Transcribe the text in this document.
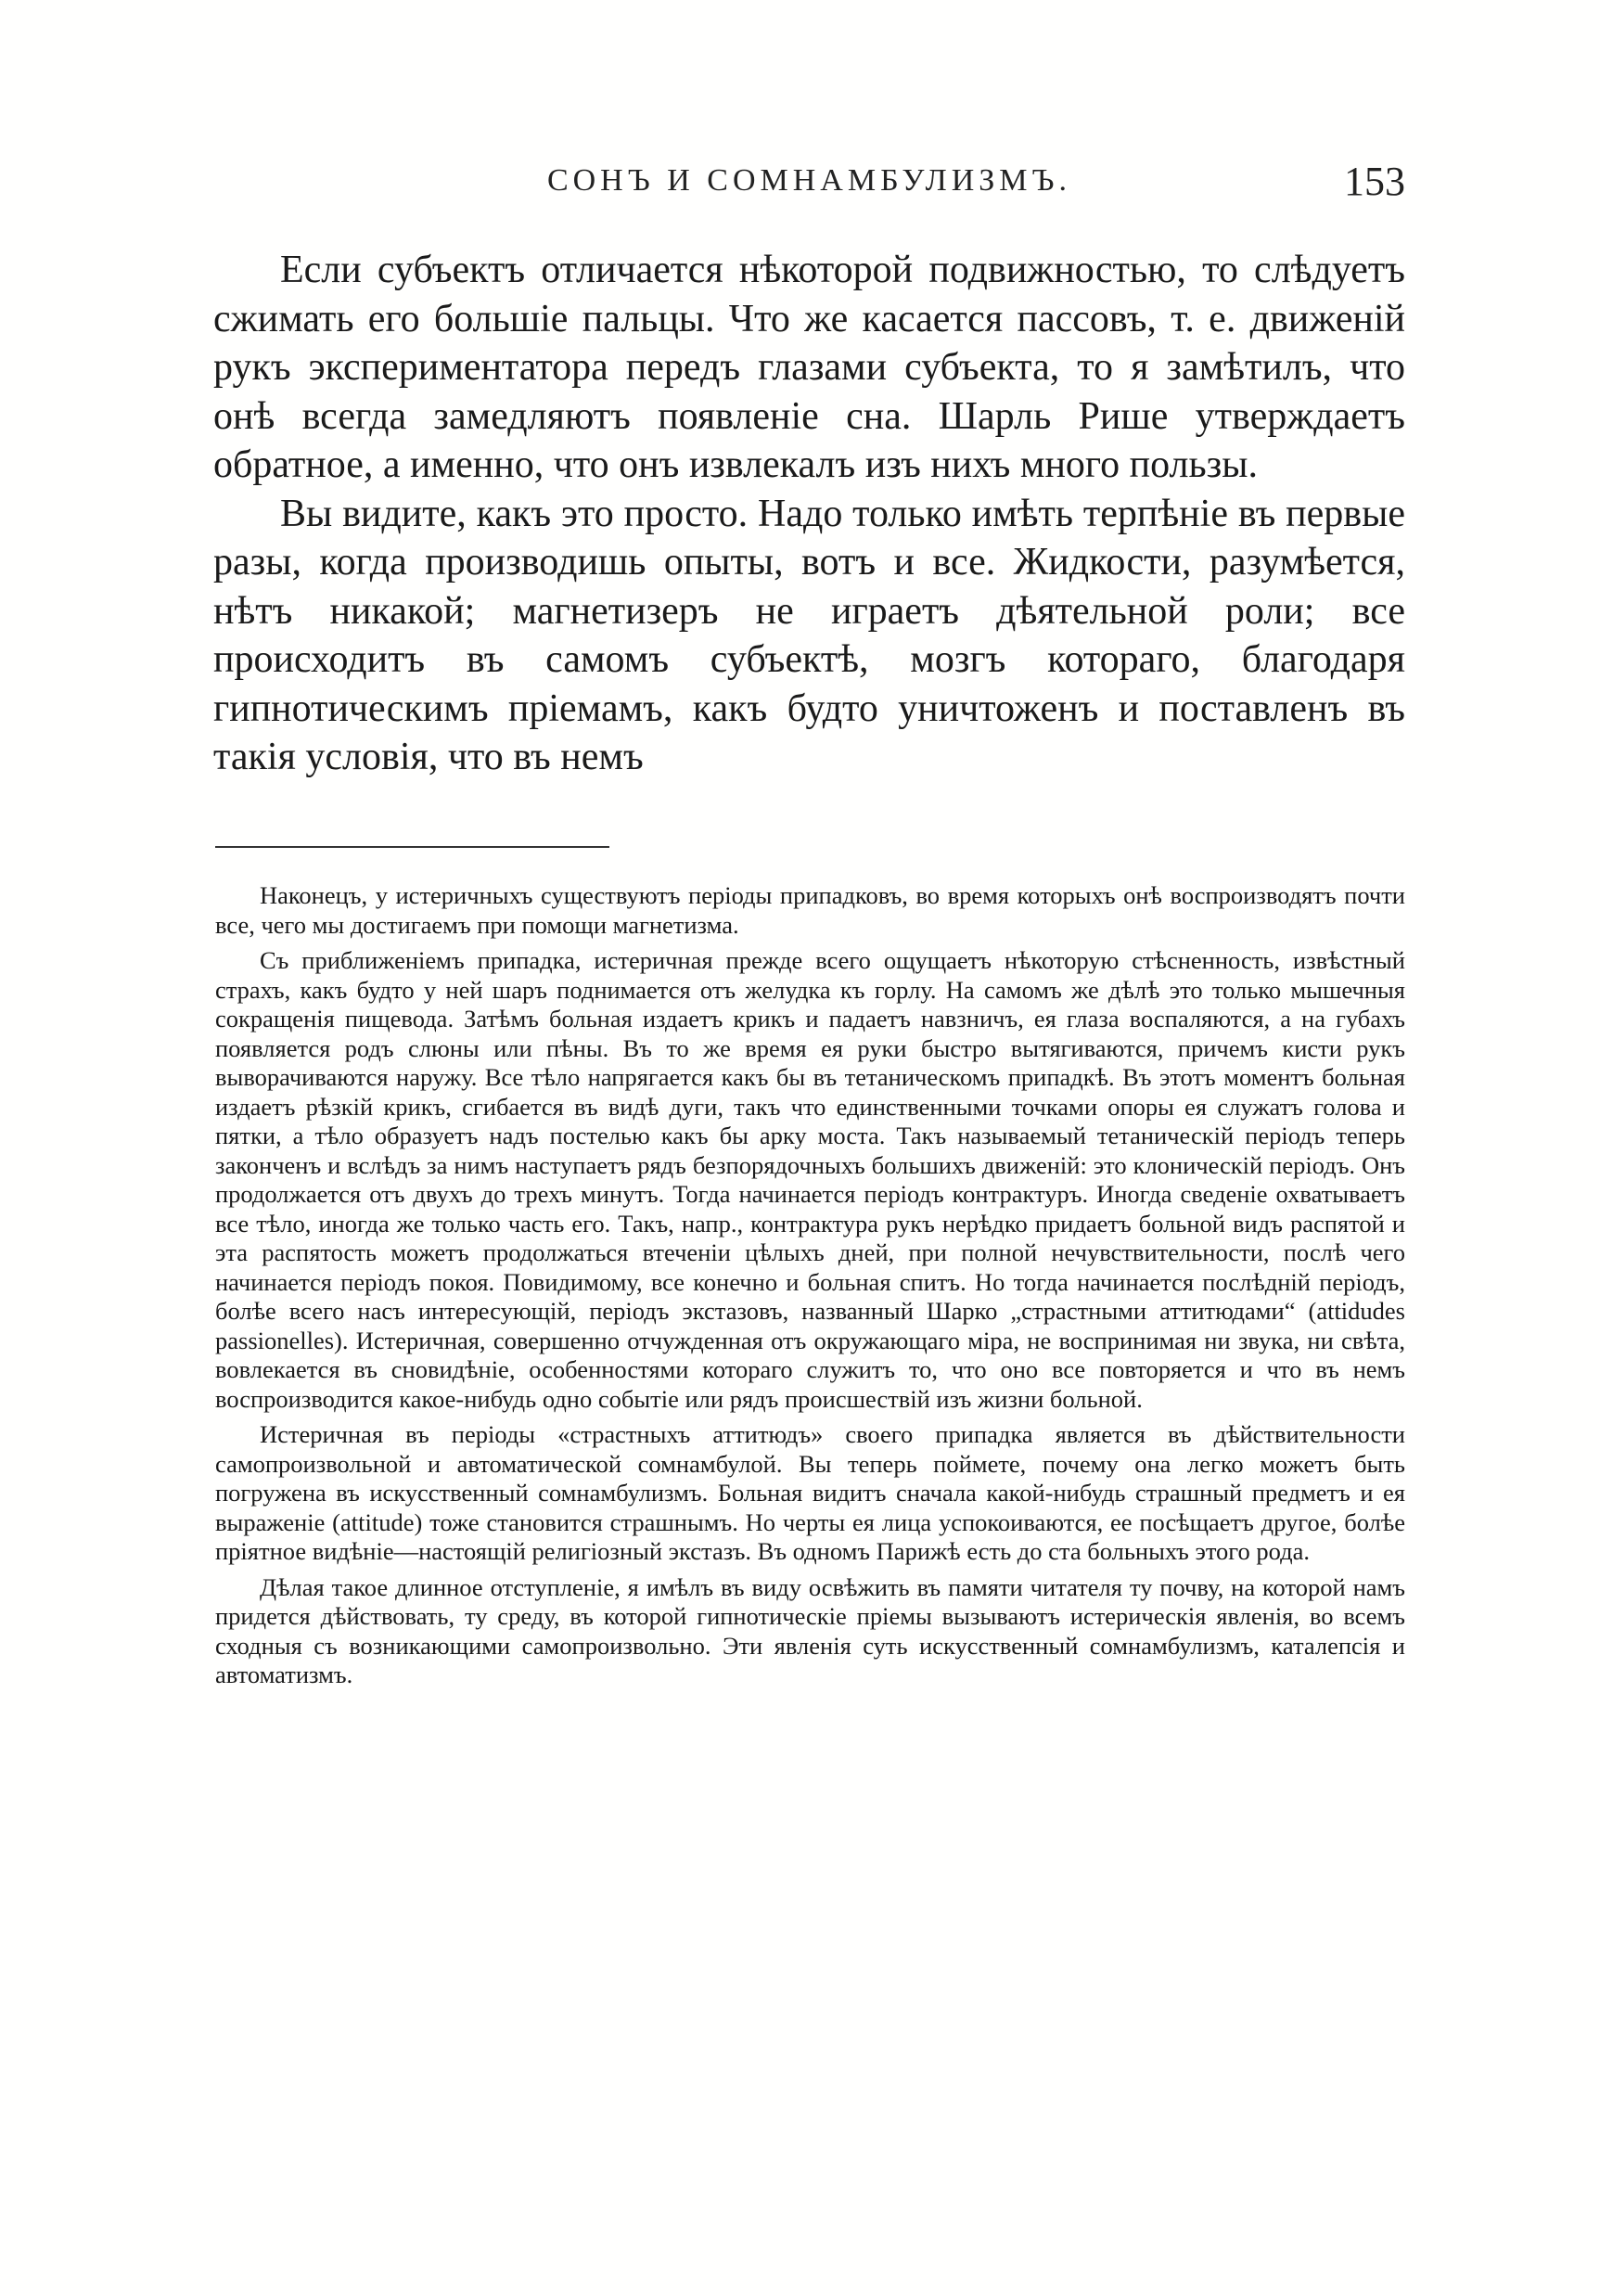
СОНЪ И СОМНАМБУЛИЗМЪ.	153

Если субъектъ отличается нѣкоторой подвижностью, то слѣдуетъ сжимать его большіе пальцы. Что же касается пассовъ, т. е. движеній рукъ экспериментатора передъ глазами субъекта, то я замѣтилъ, что онѣ всегда замедляютъ появленіе сна. Шарль Рише утверждаетъ обратное, а именно, что онъ извлекалъ изъ нихъ много пользы.

Вы видите, какъ это просто. Надо только имѣть терпѣніе въ первые разы, когда производишь опыты, вотъ и все. Жидкости, разумѣется, нѣтъ никакой; магнетизеръ не играетъ дѣятельной роли; все происходитъ въ самомъ субъектѣ, мозгъ котораго, благодаря гипнотическимъ пріемамъ, какъ будто уничтоженъ и поставленъ въ такія условія, что въ немъ

Наконецъ, у истеричныхъ существуютъ періоды припадковъ, во время которыхъ онѣ воспроизводятъ почти все, чего мы достигаемъ при помощи магнетизма.

Съ приближеніемъ припадка, истеричная прежде всего ощущаетъ нѣкоторую стѣсненность, извѣстный страхъ, какъ будто у ней шаръ поднимается отъ желудка къ горлу. На самомъ же дѣлѣ это только мышечныя сокращенія пищевода. Затѣмъ больная издаетъ крикъ и падаетъ навзничъ, ея глаза воспаляются, а на губахъ появляется родъ слюны или пѣны. Въ то же время ея руки быстро вытягиваются, причемъ кисти рукъ выворачиваются наружу. Все тѣло напрягается какъ бы въ тетаническомъ припадкѣ. Въ этотъ моментъ больная издаетъ рѣзкій крикъ, сгибается въ видѣ дуги, такъ что единственными точками опоры ея служатъ голова и пятки, а тѣло образуетъ надъ постелью какъ бы арку моста. Такъ называемый тетаническій періодъ теперь законченъ и вслѣдъ за нимъ наступаетъ рядъ безпорядочныхъ большихъ движеній: это клоническій періодъ. Онъ продолжается отъ двухъ до трехъ минутъ. Тогда начинается періодъ контрактуръ. Иногда сведеніе охватываетъ все тѣло, иногда же только часть его. Такъ, напр., контрактура рукъ нерѣдко придаетъ больной видъ распятой и эта распятость можетъ продолжаться втеченіи цѣлыхъ дней, при полной нечувствительности, послѣ чего начинается періодъ покоя. Повидимому, все конечно и больная спитъ. Но тогда начинается послѣдній періодъ, болѣе всего насъ интересующій, періодъ экстазовъ, названный Шарко „страстными аттитюдами“ (attidudes passionelles). Истеричная, совершенно отчужденная отъ окружающаго міра, не воспринимая ни звука, ни свѣта, вовлекается въ сновидѣніе, особенностями котораго служитъ то, что оно все повторяется и что въ немъ воспроизводится какое-нибудь одно событіе или рядъ происшествій изъ жизни больной.

Истеричная въ періоды «страстныхъ аттитюдъ» своего припадка является въ дѣйствительности самопроизвольной и автоматической сомнамбулой. Вы теперь поймете, почему она легко можетъ быть погружена въ искусственный сомнамбулизмъ. Больная видитъ сначала какой-нибудь страшный предметъ и ея выраженіе (attitude) тоже становится страшнымъ. Но черты ея лица успокоиваются, ее посѣщаетъ другое, болѣе пріятное видѣніе—настоящій религіозный экстазъ. Въ одномъ Парижѣ есть до ста больныхъ этого рода.

Дѣлая такое длинное отступленіе, я имѣлъ въ виду освѣжить въ памяти читателя ту почву, на которой намъ придется дѣйствовать, ту среду, въ которой гипнотическіе пріемы вызываютъ истерическія явленія, во всемъ сходныя съ возникающими самопроизвольно. Эти явленія суть искусственный сомнамбулизмъ, каталепсія и автоматизмъ.
